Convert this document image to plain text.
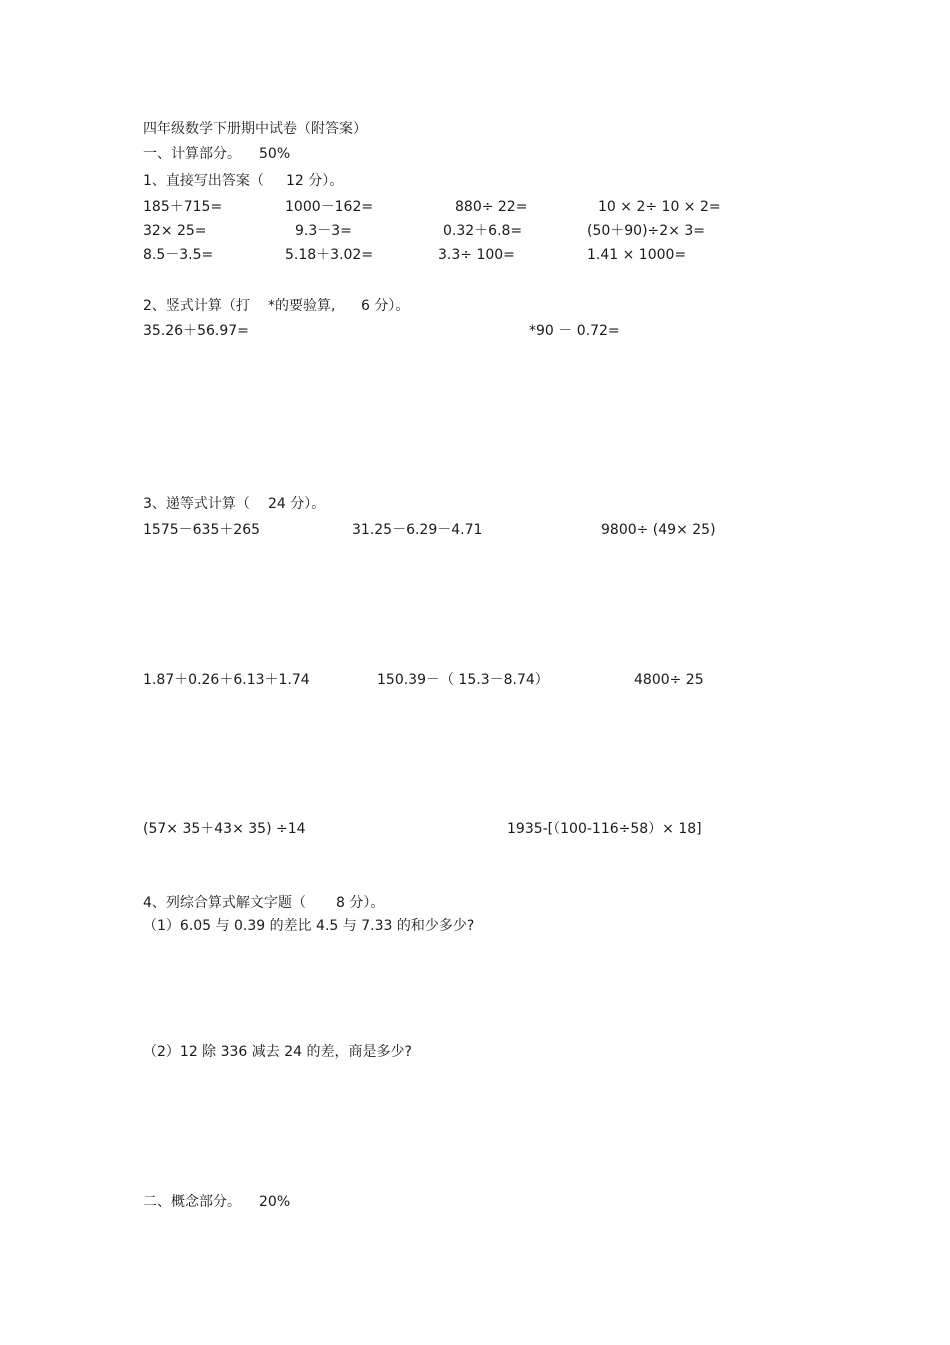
四年级数学下册期中试卷（附答案）
一、计算部分。 50%
1、直接写出答案（ 12 分）。
185＋715=	1000－162=	880÷ 22=	10 × 2÷ 10 × 2=
32× 25=	9.3－3=	0.32＋6.8=	(50＋90)÷2× 3=
8.5－3.5=	5.18＋3.02=	3.3÷ 100=	1.41 × 1000=
2、竖式计算（打 *的要验算, 6 分）。
35.26＋56.97=	*90 － 0.72=
3、递等式计算（ 24 分）。
1575－635＋265	31.25－6.29－4.71	9800÷ (49× 25)
1.87＋0.26＋6.13＋1.74	150.39－（ 15.3－8.74）	4800÷ 25
(57× 35＋43× 35) ÷14	1935-[（100-116÷58）× 18]
4、列综合算式解文字题（ 8 分）。
（1）6.05 与 0.39 的差比 4.5 与 7.33 的和少多少?
（2）12 除 336 减去 24 的差，商是多少?
二、概念部分。 20%
